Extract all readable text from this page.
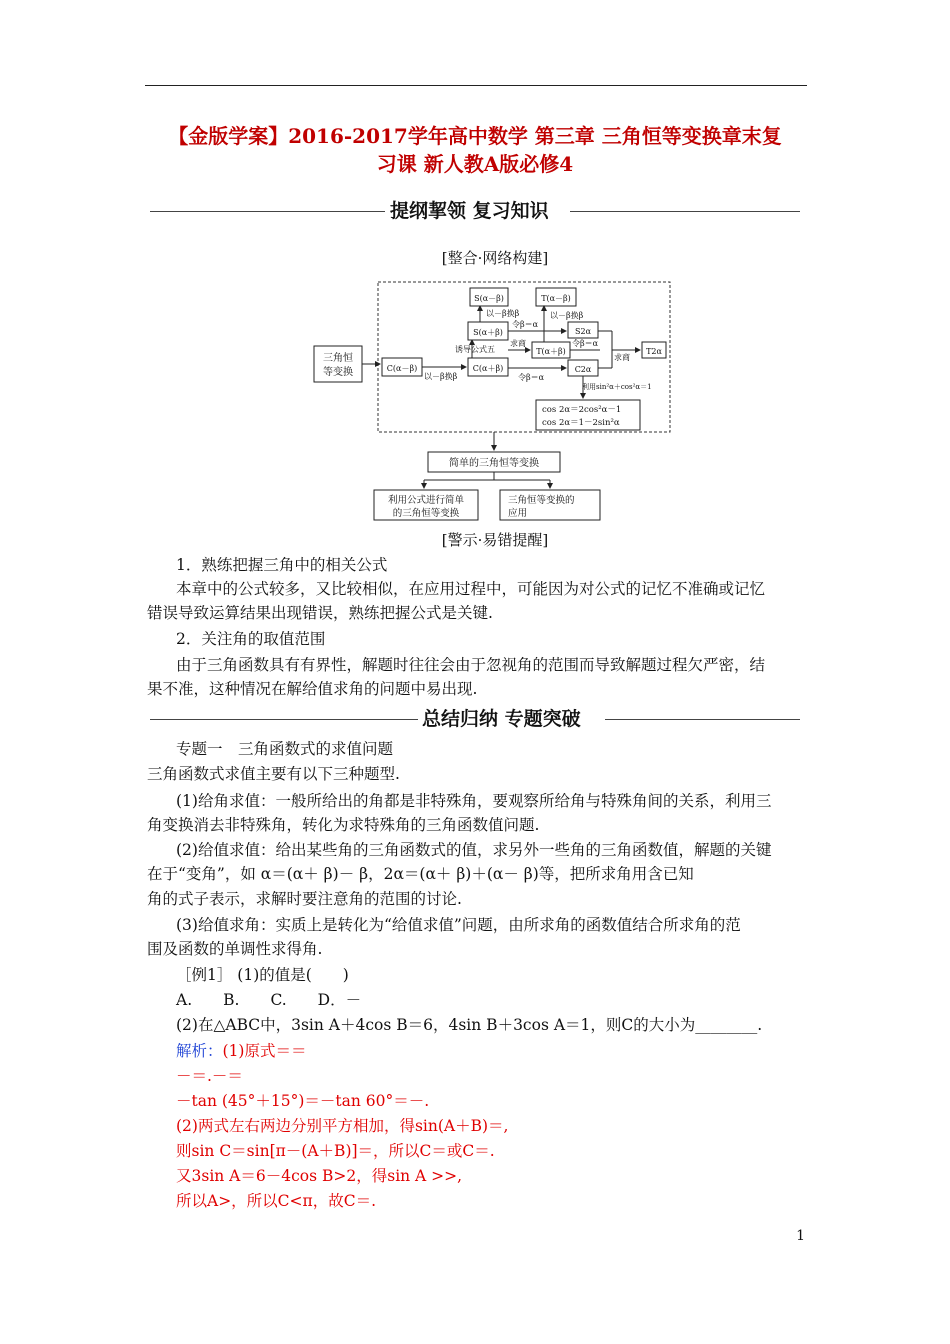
【金版学案】2016-2017学年高中数学 第三章 三角恒等变换章末复
习课 新人教A版必修4
提纲挈领 复习知识
[整合·网络构建]
三角恒
等变换	C(α－β)
以－β换β
C(α＋β)
诱导公式五
S(α＋β)
以－β换β
S(α－β)	T(α－β)
以－β换β
S2α
令β＝α
T(α＋β)
求商	令β＝α
求商
T2α
C2α
令β＝α
利用sin²α＋cos²α＝1
cos 2α＝2cos²α－1
cos 2α＝1－2sin²α
简单的三角恒等变换
利用公式进行简单
的三角恒等变换
三角恒等变换的
应用
[警示·易错提醒]
1．熟练把握三角中的相关公式
本章中的公式较多，又比较相似，在应用过程中，可能因为对公式的记忆不准确或记忆
错误导致运算结果出现错误，熟练把握公式是关键.
2．关注角的取值范围
由于三角函数具有有界性，解题时往往会由于忽视角的范围而导致解题过程欠严密，结
果不准，这种情况在解给值求角的问题中易出现.
总结归纳 专题突破
专题一　三角函数式的求值问题
三角函数式求值主要有以下三种题型.
(1)给角求值：一般所给出的角都是非特殊角，要观察所给角与特殊角间的关系，利用三
角变换消去非特殊角，转化为求特殊角的三角函数值问题.
(2)给值求值：给出某些角的三角函数式的值，求另外一些角的三角函数值，解题的关键
在于“变角”，如 α＝(α＋ β)－ β，2α＝(α＋ β)＋(α－ β)等，把所求角用含已知
角的式子表示，求解时要注意角的范围的讨论.
(3)给值求角：实质上是转化为“给值求值”问题，由所求角的函数值结合所求角的范
围及函数的单调性求得角.
［例1］ (1)的值是(　　)
A.　　B.　　C.　　D．－
(2)在△ABC中，3sin A＋4cos B＝6，4sin B＋3cos A＝1，则C的大小为________.
解析：(1)原式＝＝
－＝.－＝
－tan (45°＋15°)＝－tan 60°＝－.
(2)两式左右两边分别平方相加，得sin(A＋B)＝,
则sin C＝sin[π－(A＋B)]＝，所以C＝或C＝.
又3sin A＝6－4cos B>2，得sin A >>,
所以A>，所以C<π，故C＝.
1
